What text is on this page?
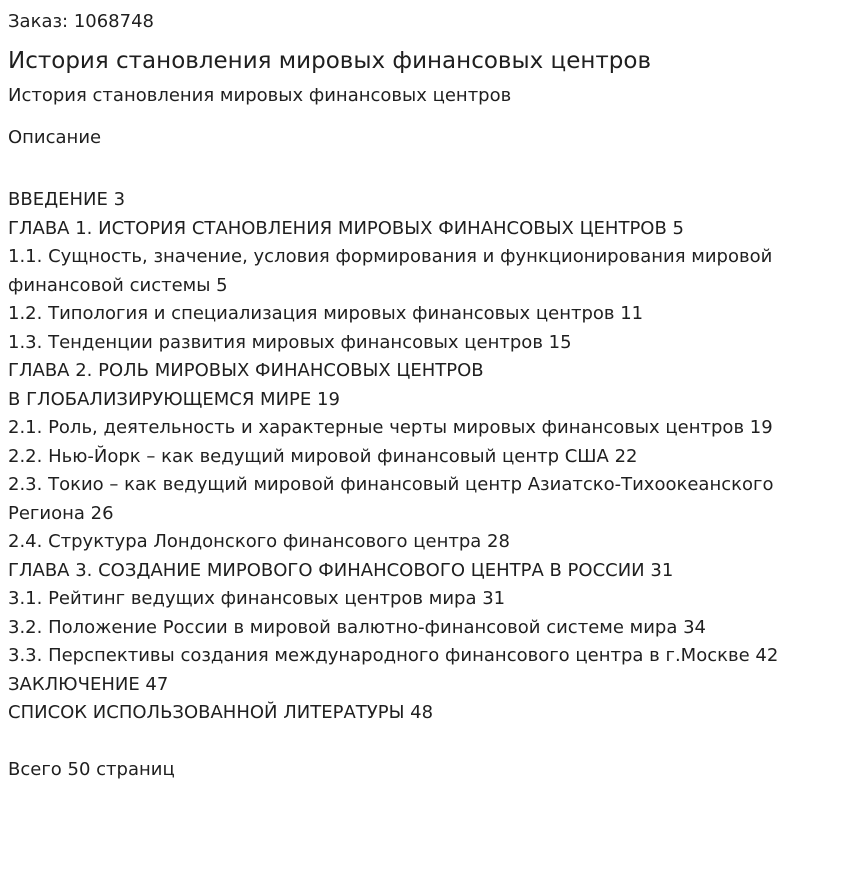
Заказ: 1068748

История становления мировых финансовых центров

История становления мировых финансовых центров

Описание

ВВЕДЕНИЕ 3
ГЛАВА 1. ИСТОРИЯ СТАНОВЛЕНИЯ МИРОВЫХ ФИНАНСОВЫХ ЦЕНТРОВ 5
1.1. Сущность, значение, условия формирования и функционирования мировой
финансовой системы 5
1.2. Типология и специализация мировых финансовых центров 11
1.3. Тенденции развития мировых финансовых центров 15
ГЛАВА 2. РОЛЬ МИРОВЫХ ФИНАНСОВЫХ ЦЕНТРОВ
В ГЛОБАЛИЗИРУЮЩЕМСЯ МИРЕ 19
2.1. Роль, деятельность и характерные черты мировых финансовых центров 19
2.2. Нью-Йорк – как ведущий мировой финансовый центр США 22
2.3. Токио – как ведущий мировой финансовый центр Азиатско-Тихоокеанского
Региона 26
2.4. Структура Лондонского финансового центра 28
ГЛАВА 3. СОЗДАНИЕ МИРОВОГО ФИНАНСОВОГО ЦЕНТРА В РОССИИ 31
3.1. Рейтинг ведущих финансовых центров мира 31
3.2. Положение России в мировой валютно-финансовой системе мира 34
3.3. Перспективы создания международного финансового центра в г.Москве 42
ЗАКЛЮЧЕНИЕ 47
СПИСОК ИСПОЛЬЗОВАННОЙ ЛИТЕРАТУРЫ 48

Всего 50 страниц
